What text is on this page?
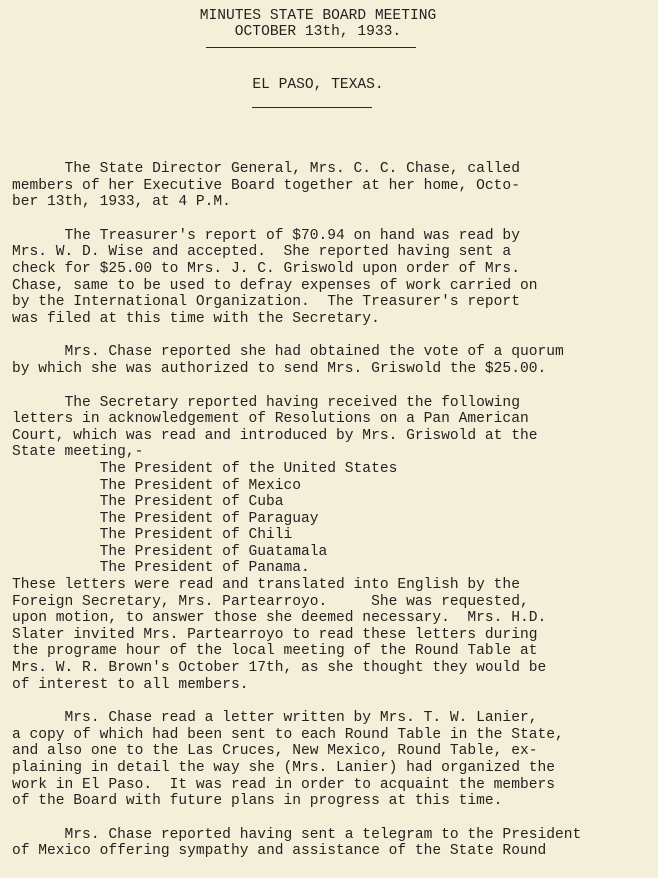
MINUTES STATE BOARD MEETING
OCTOBER 13th, 1933.
EL PASO, TEXAS.
The State Director General, Mrs. C. C. Chase, called
members of her Executive Board together at her home, Octo-
ber 13th, 1933, at 4 P.M.
The Treasurer's report of $70.94 on hand was read by
Mrs. W. D. Wise and accepted.  She reported having sent a
check for $25.00 to Mrs. J. C. Griswold upon order of Mrs.
Chase, same to be used to defray expenses of work carried on
by the International Organization.  The Treasurer's report
was filed at this time with the Secretary.
Mrs. Chase reported she had obtained the vote of a quorum
by which she was authorized to send Mrs. Griswold the $25.00.
The Secretary reported having received the following
letters in acknowledgement of Resolutions on a Pan American
Court, which was read and introduced by Mrs. Griswold at the
State meeting,-
The President of the United States
The President of Mexico
The President of Cuba
The President of Paraguay
The President of Chili
The President of Guatamala
The President of Panama.
These letters were read and translated into English by the
Foreign Secretary, Mrs. Partearroyo.     She was requested,
upon motion, to answer those she deemed necessary.  Mrs. H.D.
Slater invited Mrs. Partearroyo to read these letters during
the programe hour of the local meeting of the Round Table at
Mrs. W. R. Brown's October 17th, as she thought they would be
of interest to all members.
Mrs. Chase read a letter written by Mrs. T. W. Lanier,
a copy of which had been sent to each Round Table in the State,
and also one to the Las Cruces, New Mexico, Round Table, ex-
plaining in detail the way she (Mrs. Lanier) had organized the
work in El Paso.  It was read in order to acquaint the members
of the Board with future plans in progress at this time.
Mrs. Chase reported having sent a telegram to the President
of Mexico offering sympathy and assistance of the State Round
